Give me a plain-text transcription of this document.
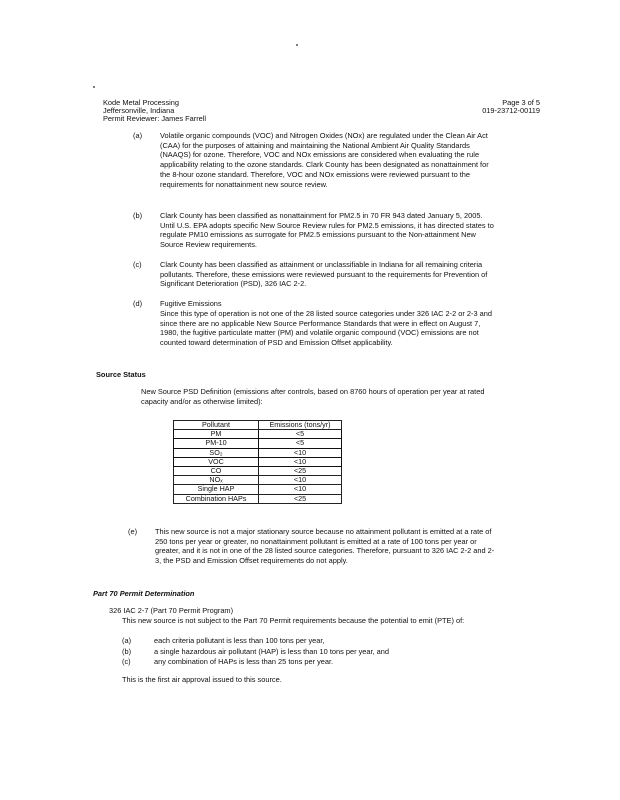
Kode Metal Processing
Jeffersonville, Indiana
Permit Reviewer: James Farrell
Page 3 of 5
019-23712-00119
(a) Volatile organic compounds (VOC) and Nitrogen Oxides (NOx) are regulated under the Clean Air Act (CAA) for the purposes of attaining and maintaining the National Ambient Air Quality Standards (NAAQS) for ozone. Therefore, VOC and NOx emissions are considered when evaluating the rule applicability relating to the ozone standards. Clark County has been designated as nonattainment for the 8-hour ozone standard. Therefore, VOC and NOx emissions were reviewed pursuant to the requirements for nonattainment new source review.
(b) Clark County has been classified as nonattainment for PM2.5 in 70 FR 943 dated January 5, 2005. Until U.S. EPA adopts specific New Source Review rules for PM2.5 emissions, it has directed states to regulate PM10 emissions as surrogate for PM2.5 emissions pursuant to the Non-attainment New Source Review requirements.
(c) Clark County has been classified as attainment or unclassifiable in Indiana for all remaining criteria pollutants. Therefore, these emissions were reviewed pursuant to the requirements for Prevention of Significant Deterioration (PSD), 326 IAC 2-2.
(d) Fugitive Emissions
Since this type of operation is not one of the 28 listed source categories under 326 IAC 2-2 or 2-3 and since there are no applicable New Source Performance Standards that were in effect on August 7, 1980, the fugitive particulate matter (PM) and volatile organic compound (VOC) emissions are not counted toward determination of PSD and Emission Offset applicability.
Source Status
New Source PSD Definition (emissions after controls, based on 8760 hours of operation per year at rated capacity and/or as otherwise limited):
Pollutant	Emissions (tons/yr)
PM	<5
PM-10	<5
SO₂	<10
VOC	<10
CO	<25
NOₓ	<10
Single HAP	<10
Combination HAPs	<25
(e) This new source is not a major stationary source because no attainment pollutant is emitted at a rate of 250 tons per year or greater, no nonattainment pollutant is emitted at a rate of 100 tons per year or greater, and it is not in one of the 28 listed source categories. Therefore, pursuant to 326 IAC 2-2 and 2-3, the PSD and Emission Offset requirements do not apply.
Part 70 Permit Determination
326 IAC 2-7 (Part 70 Permit Program)
This new source is not subject to the Part 70 Permit requirements because the potential to emit (PTE) of:
(a)	each criteria pollutant is less than 100 tons per year,
(b)	a single hazardous air pollutant (HAP) is less than 10 tons per year, and
(c)	any combination of HAPs is less than 25 tons per year.
This is the first air approval issued to this source.
